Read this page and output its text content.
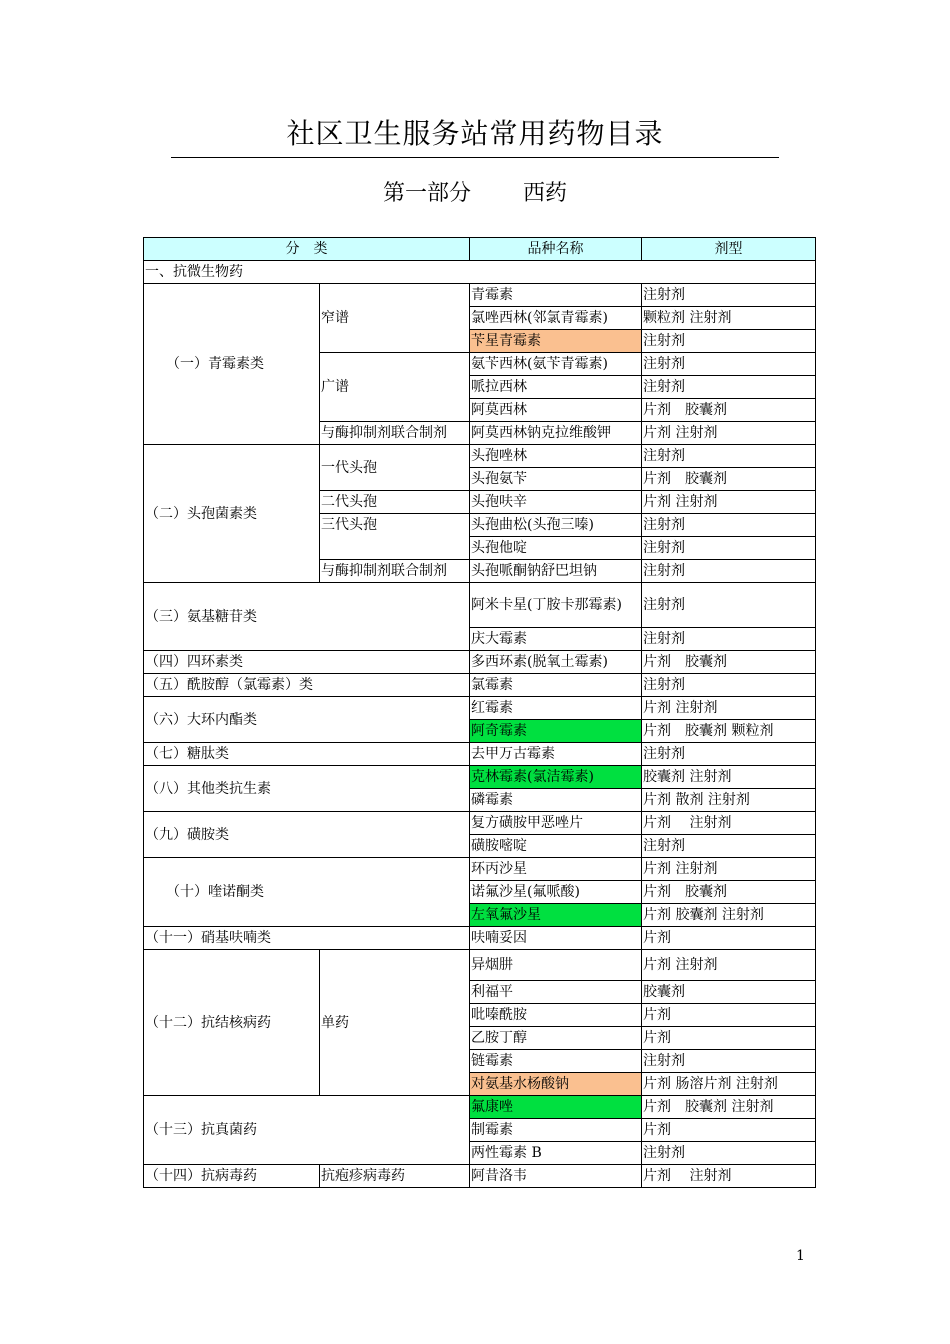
社区卫生服务站常用药物目录
第一部分 西药
分　类		品种名称	剂型
一、抗微生物药			
（一）青霉素类	窄谱	青霉素	注射剂
		氯唑西林(邻氯青霉素)	颗粒剂 注射剂
		苄星青霉素	注射剂
	广谱	氨苄西林(氨苄青霉素)	注射剂
		哌拉西林	注射剂
		阿莫西林	片剂　胶囊剂
	与酶抑制剂联合制剂	阿莫西林钠克拉维酸钾	片剂 注射剂
（二）头孢菌素类	一代头孢	头孢唑林	注射剂
		头孢氨苄	片剂　胶囊剂
	二代头孢	头孢呋辛	片剂 注射剂
	三代头孢	头孢曲松(头孢三嗪)	注射剂
		头孢他啶	注射剂
	与酶抑制剂联合制剂	头孢哌酮钠舒巴坦钠	注射剂
（三）氨基糖苷类		阿米卡星(丁胺卡那霉素)	注射剂
		庆大霉素	注射剂
（四）四环素类		多西环素(脱氧土霉素)	片剂　胶囊剂
（五）酰胺醇（氯霉素）类		氯霉素	注射剂
（六）大环内酯类		红霉素	片剂 注射剂
		阿奇霉素	片剂　胶囊剂 颗粒剂
（七）糖肽类		去甲万古霉素	注射剂
（八）其他类抗生素		克林霉素(氯洁霉素)	胶囊剂 注射剂
		磷霉素	片剂 散剂 注射剂
（九）磺胺类		复方磺胺甲恶唑片	片剂　 注射剂
		磺胺嘧啶	注射剂
（十）喹诺酮类		环丙沙星	片剂 注射剂
		诺氟沙星(氟哌酸)	片剂　胶囊剂
		左氧氟沙星	片剂 胶囊剂 注射剂
（十一）硝基呋喃类		呋喃妥因	片剂
（十二）抗结核病药	单药	异烟肼	片剂 注射剂
		利福平	胶囊剂
		吡嗪酰胺	片剂
		乙胺丁醇	片剂
		链霉素	注射剂
		对氨基水杨酸钠	片剂 肠溶片剂 注射剂
（十三）抗真菌药		氟康唑	片剂　胶囊剂 注射剂
		制霉素	片剂
		两性霉素 B	注射剂
（十四）抗病毒药	抗疱疹病毒药	阿昔洛韦	片剂　 注射剂
1
